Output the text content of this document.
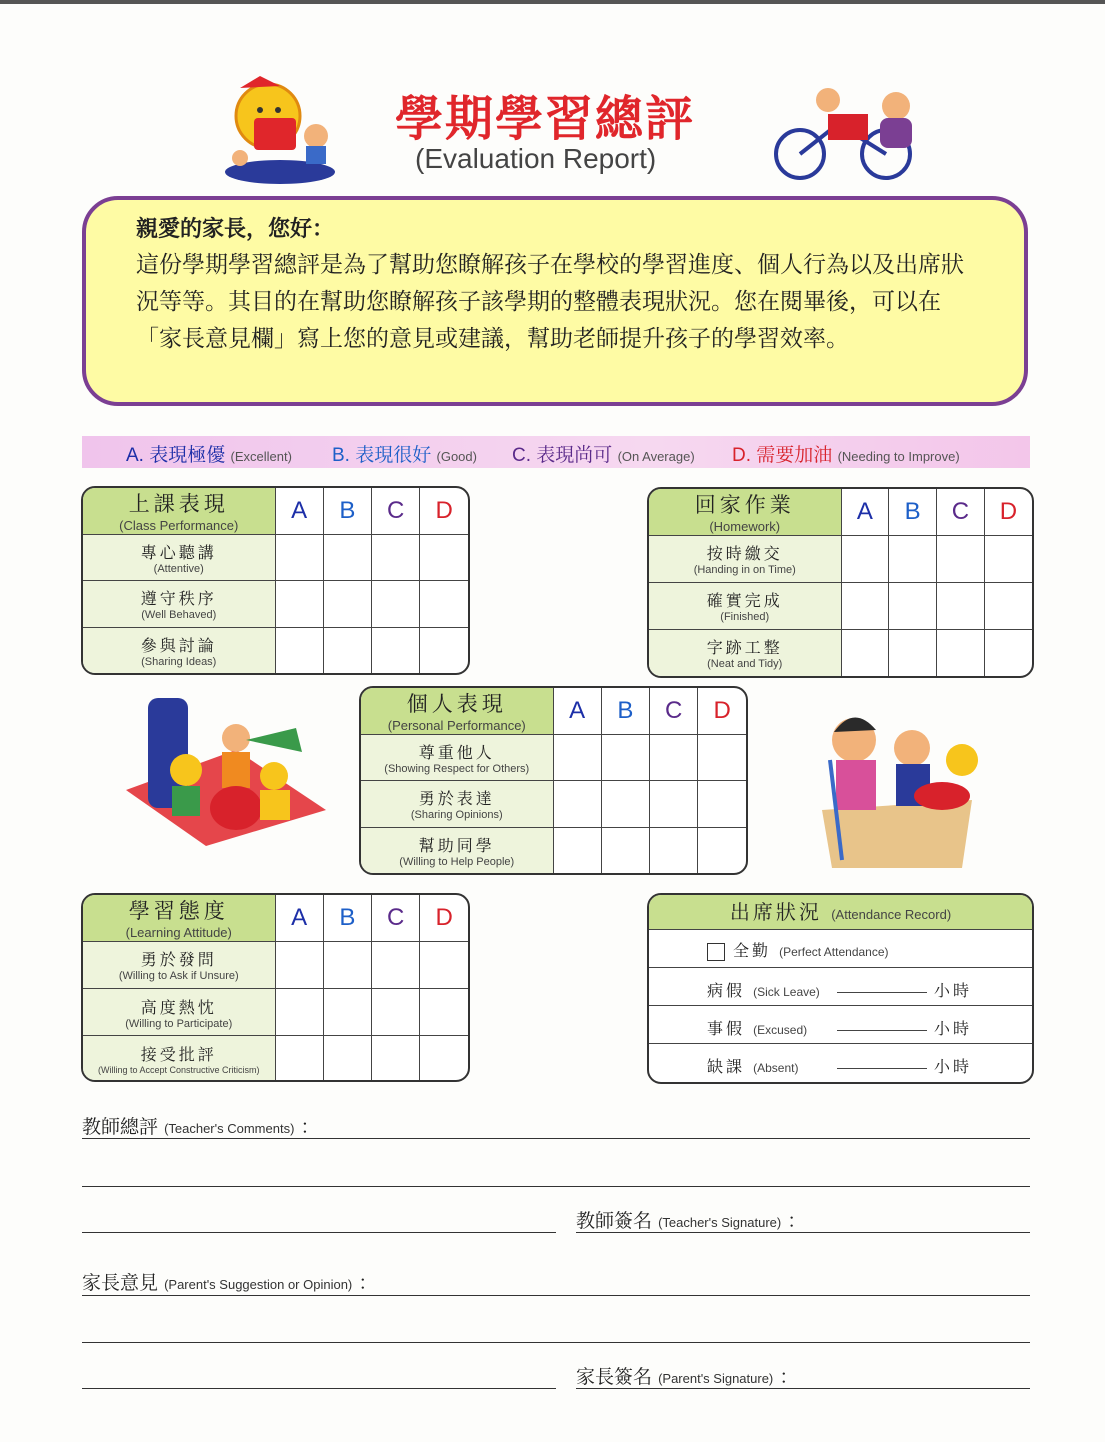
學期學習總評
(Evaluation Report)
親愛的家長，您好：
這份學期學習總評是為了幫助您瞭解孩子在學校的學習進度、個人行為以及出席狀況等等。其目的在幫助您瞭解孩子該學期的整體表現狀況。您在閱畢後，可以在「家長意見欄」寫上您的意見或建議，幫助老師提升孩子的學習效率。
A. 表現極優 (Excellent) B. 表現很好 (Good) C. 表現尚可 (On Average) D. 需要加油 (Needing to Improve)
上課表現
(Class Performance)	A	B	C	D

專心聽講
(Attentive)				

遵守秩序
(Well Behaved)				

參與討論
(Sharing Ideas)				

回家作業
(Homework)	A	B	C	D

按時繳交
(Handing in on Time)				

確實完成
(Finished)				

字跡工整
(Neat and Tidy)				

個人表現
(Personal Performance)	A	B	C	D

尊重他人
(Showing Respect for Others)				

勇於表達
(Sharing Opinions)				

幫助同學
(Willing to Help People)				

學習態度
(Learning Attitude)	A	B	C	D

勇於發問
(Willing to Ask if Unsure)				

高度熱忱
(Willing to Participate)				

接受批評
(Willing to Accept Constructive Criticism)				

出席狀況 (Attendance Record)
全勤 (Perfect Attendance)
病假 (Sick Leave)	小時
事假 (Excused)	小時
缺課 (Absent)	小時
教師總評 (Teacher's Comments) ：
教師簽名 (Teacher's Signature) ：
家長意見 (Parent's Suggestion or Opinion) ：
家長簽名 (Parent's Signature) ：
